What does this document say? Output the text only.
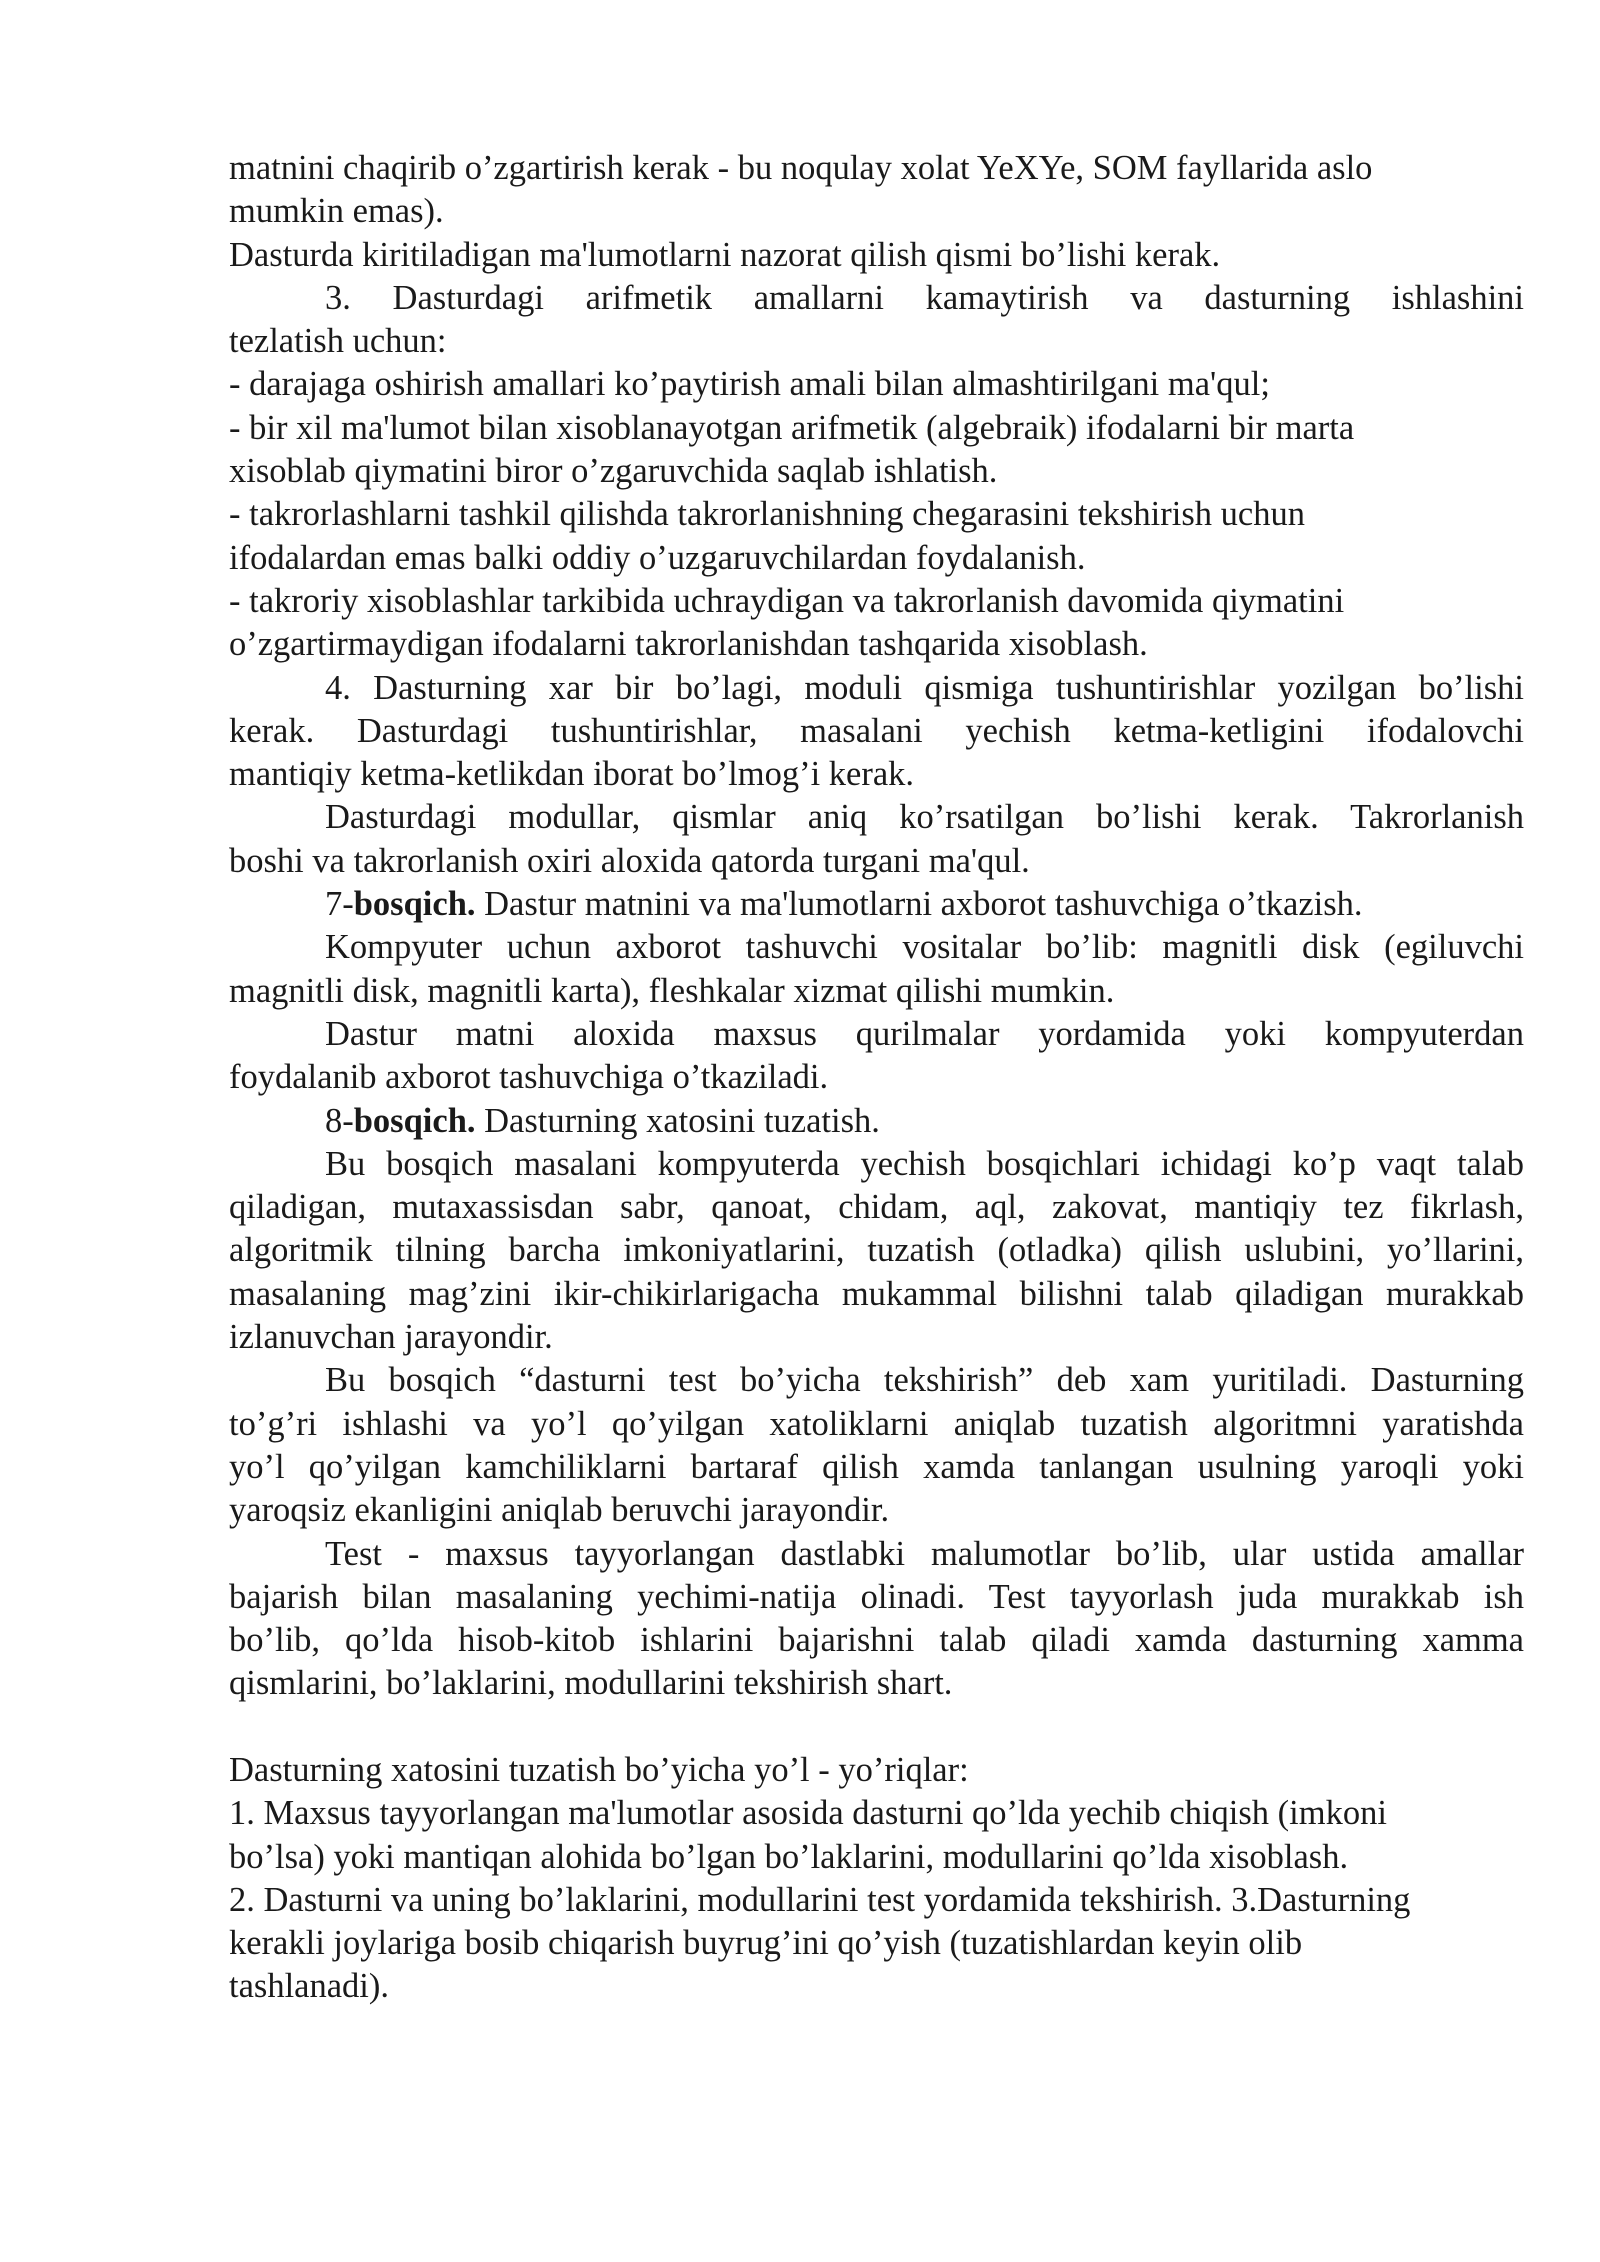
matnini chaqirib o’zgartirish kerak - bu noqulay xolat YeXYe, SOM fayllarida aslo
mumkin emas).
Dasturda kiritiladigan ma'lumotlarni nazorat qilish qismi bo’lishi kerak.
3. Dasturdagi arifmetik amallarni kamaytirish va dasturning ishlashini
tezlatish uchun:
- darajaga oshirish amallari ko’paytirish amali bilan almashtirilgani ma'qul;
- bir xil ma'lumot bilan xisoblanayotgan arifmetik (algebraik) ifodalarni bir marta
xisoblab qiymatini biror o’zgaruvchida saqlab ishlatish.
- takrorlashlarni tashkil qilishda takrorlanishning chegarasini tekshirish uchun
ifodalardan emas balki oddiy o’uzgaruvchilardan foydalanish.
- takroriy xisoblashlar tarkibida uchraydigan va takrorlanish davomida qiymatini
o’zgartirmaydigan ifodalarni takrorlanishdan tashqarida xisoblash.
4. Dasturning xar bir bo’lagi, moduli qismiga tushuntirishlar yozilgan bo’lishi
kerak. Dasturdagi tushuntirishlar, masalani yechish ketma-ketligini ifodalovchi
mantiqiy ketma-ketlikdan iborat bo’lmog’i kerak.
Dasturdagi modullar, qismlar aniq ko’rsatilgan bo’lishi kerak. Takrorlanish
boshi va takrorlanish oxiri aloxida qatorda turgani ma'qul.
7-bosqich. Dastur matnini va ma'lumotlarni axborot tashuvchiga o’tkazish.
Kompyuter uchun axborot tashuvchi vositalar bo’lib: magnitli disk (egiluvchi
magnitli disk, magnitli karta), fleshkalar xizmat qilishi mumkin.
Dastur matni aloxida maxsus qurilmalar yordamida yoki kompyuterdan
foydalanib axborot tashuvchiga o’tkaziladi.
8-bosqich. Dasturning xatosini tuzatish.
Bu bosqich masalani kompyuterda yechish bosqichlari ichidagi ko’p vaqt talab
qiladigan, mutaxassisdan sabr, qanoat, chidam, aql, zakovat, mantiqiy tez fikrlash,
algoritmik tilning barcha imkoniyatlarini, tuzatish (otladka) qilish uslubini, yo’llarini,
masalaning mag’zini ikir-chikirlarigacha mukammal bilishni talab qiladigan murakkab
izlanuvchan jarayondir.
Bu bosqich “dasturni test bo’yicha tekshirish” deb xam yuritiladi. Dasturning
to’g’ri ishlashi va yo’l qo’yilgan xatoliklarni aniqlab tuzatish algoritmni yaratishda
yo’l qo’yilgan kamchiliklarni bartaraf qilish xamda tanlangan usulning yaroqli yoki
yaroqsiz ekanligini aniqlab beruvchi jarayondir.
Test - maxsus tayyorlangan dastlabki malumotlar bo’lib, ular ustida amallar
bajarish bilan masalaning yechimi-natija olinadi. Test tayyorlash juda murakkab ish
bo’lib, qo’lda hisob-kitob ishlarini bajarishni talab qiladi xamda dasturning xamma
qismlarini, bo’laklarini, modullarini tekshirish shart.
Dasturning xatosini tuzatish bo’yicha yo’l - yo’riqlar:
1. Maxsus tayyorlangan ma'lumotlar asosida dasturni qo’lda yechib chiqish (imkoni
bo’lsa) yoki mantiqan alohida bo’lgan bo’laklarini, modullarini qo’lda xisoblash.
2. Dasturni va uning bo’laklarini, modullarini test yordamida tekshirish. 3.Dasturning
kerakli joylariga bosib chiqarish buyrug’ini qo’yish (tuzatishlardan keyin olib
tashlanadi).
